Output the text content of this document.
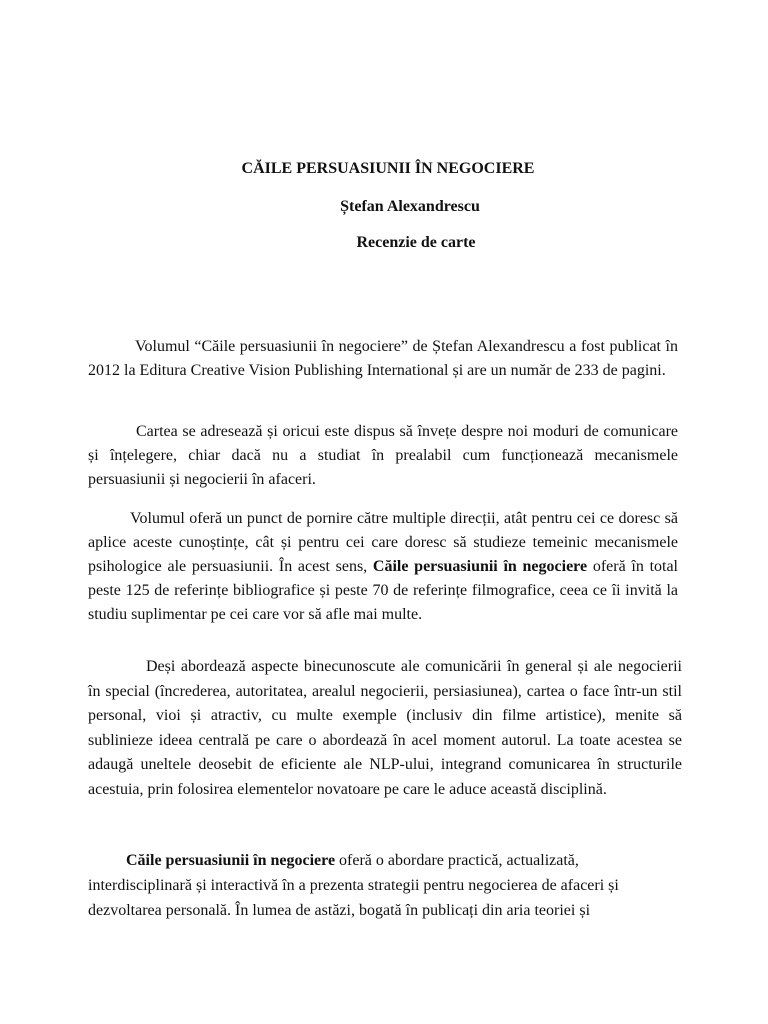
CĂILE PERSUASIUNII ÎN NEGOCIERE
Ștefan Alexandrescu
Recenzie de carte

Volumul “Căile persuasiunii în negociere” de Ștefan Alexandrescu a fost publicat în 2012 la Editura Creative Vision Publishing International și are un număr de 233 de pagini.

Cartea se adresează și oricui este dispus să învețe despre noi moduri de comunicare și înțelegere, chiar dacă nu a studiat în prealabil cum funcționează mecanismele persuasiunii și negocierii în afaceri.

Volumul oferă un punct de pornire către multiple direcții, atât pentru cei ce doresc să aplice aceste cunoștințe, cât și pentru cei care doresc să studieze temeinic mecanismele psihologice ale persuasiunii. În acest sens, Căile persuasiunii în negociere oferă în total peste 125 de referințe bibliografice și peste 70 de referințe filmografice, ceea ce îi invită la studiu suplimentar pe cei care vor să afle mai multe.

Deși abordează aspecte binecunoscute ale comunicării în general și ale negocierii în special (încrederea, autoritatea, arealul negocierii, persiasiunea), cartea o face într-un stil personal, vioi și atractiv, cu multe exemple (inclusiv din filme artistice), menite să sublinieze ideea centrală pe care o abordează în acel moment autorul. La toate acestea se adaugă uneltele deosebit de eficiente ale NLP-ului, integrand comunicarea în structurile acestuia, prin folosirea elementelor novatoare pe care le aduce această disciplină.

Căile persuasiunii în negociere oferă o abordare practică, actualizată, interdisciplinară și interactivă în a prezenta strategii pentru negocierea de afaceri și dezvoltarea personală. În lumea de astăzi, bogată în publicați din aria teoriei și
